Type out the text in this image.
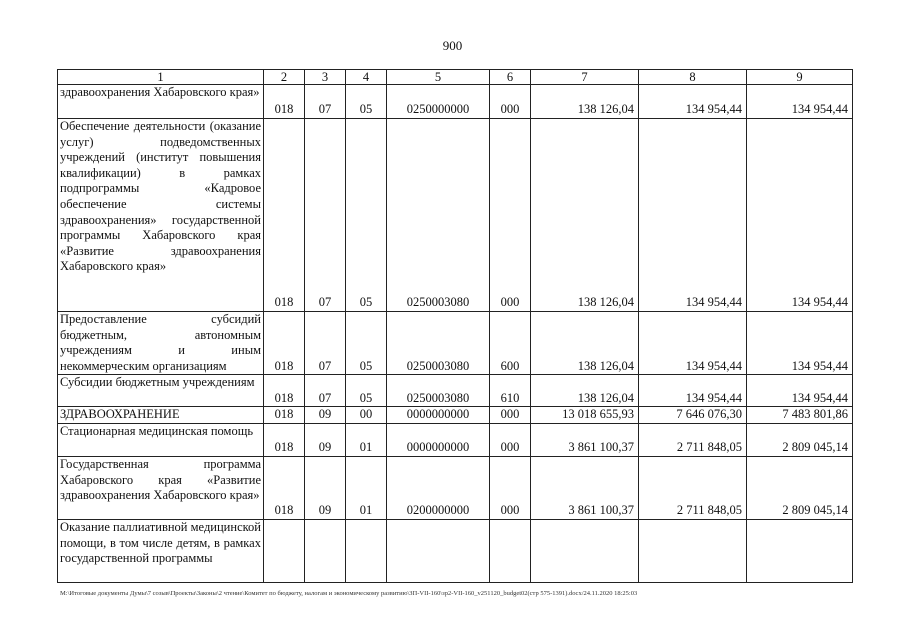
900
1	2	3	4	5	6	7	8	9
здравоохранения Хабаровского края»	018	07	05	0250000000	000	138 126,04	134 954,44	134 954,44
Обеспечение деятельности (оказание услуг) подведомственных учреждений (институт повышения квалификации) в рамках подпрограммы «Кадровое обеспечение системы здравоохранения» государственной программы Хабаровского края «Развитие здравоохранения Хабаровского края»	018	07	05	0250003080	000	138 126,04	134 954,44	134 954,44
Предоставление субсидий бюджетным, автономным учреждениям и иным некоммерческим организациям	018	07	05	0250003080	600	138 126,04	134 954,44	134 954,44
Субсидии бюджетным учреждениям	018	07	05	0250003080	610	138 126,04	134 954,44	134 954,44
ЗДРАВООХРАНЕНИЕ	018	09	00	0000000000	000	13 018 655,93	7 646 076,30	7 483 801,86
Стационарная медицинская помощь	018	09	01	0000000000	000	3 861 100,37	2 711 848,05	2 809 045,14
Государственная программа Хабаровского края «Развитие здравоохранения Хабаровского края»	018	09	01	0200000000	000	3 861 100,37	2 711 848,05	2 809 045,14
Оказание паллиативной медицинской помощи, в том числе детям, в рамках государственной программы								
M:\Итоговые документы Думы\7 созыв\Проекты\Законы\2 чтение\Комитет по бюджету, налогам и экономическому развитию\ЗП-VII-160\зр2-VII-160_v251120_budget02(стр 575-1391).docx/24.11.2020 18:25:03
